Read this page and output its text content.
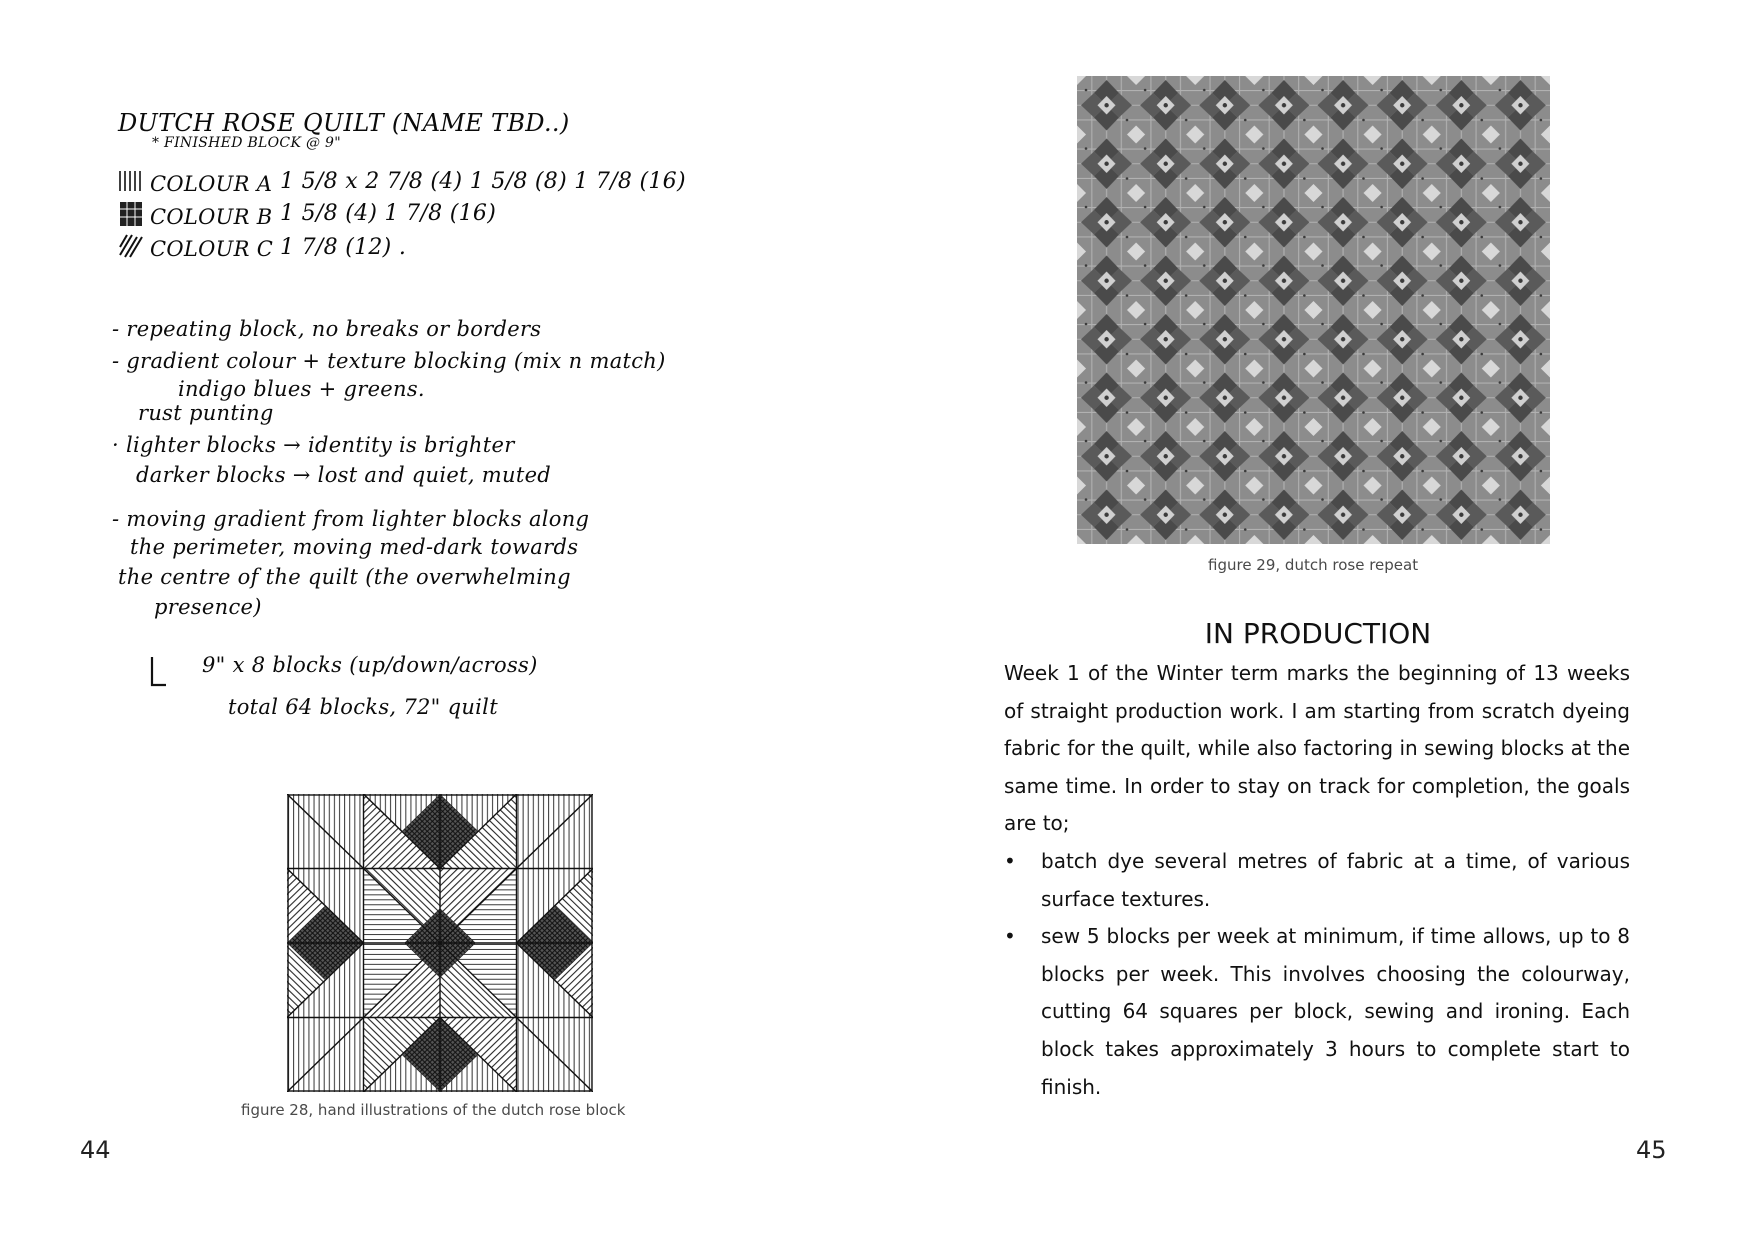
DUTCH ROSE QUILT (NAME TBD..)
* FINISHED BLOCK @ 9"
COLOUR A 1 5/8 x 2 7/8 (4) 1 5/8 (8) 1 7/8 (16)
COLOUR B 1 5/8 (4) 1 7/8 (16)
COLOUR C 1 7/8 (12) .
- repeating block, no breaks or borders
- gradient colour + texture blocking (mix n match)
indigo blues + greens.
rust punting
· lighter blocks → identity is brighter
darker blocks → lost and quiet, muted
- moving gradient from lighter blocks along
the perimeter, moving med-dark towards
the centre of the quilt (the overwhelming
presence)
9" x 8 blocks (up/down/across)
total 64 blocks, 72" quilt
figure 28, hand illustrations of the dutch rose block
44
figure 29, dutch rose repeat
IN PRODUCTION

Week 1 of the Winter term marks the beginning of 13 weeks of straight production work. I am starting from scratch dyeing fabric for the quilt, while also factoring in sewing blocks at the same time. In order to stay on track for completion, the goals are to;

• batch dye several metres of fabric at a time, of various surface textures.
• sew 5 blocks per week at minimum, if time allows, up to 8 blocks per week. This involves choosing the colourway, cutting 64 squares per block, sewing and ironing. Each block takes approximately 3 hours to complete start to finish.
45
